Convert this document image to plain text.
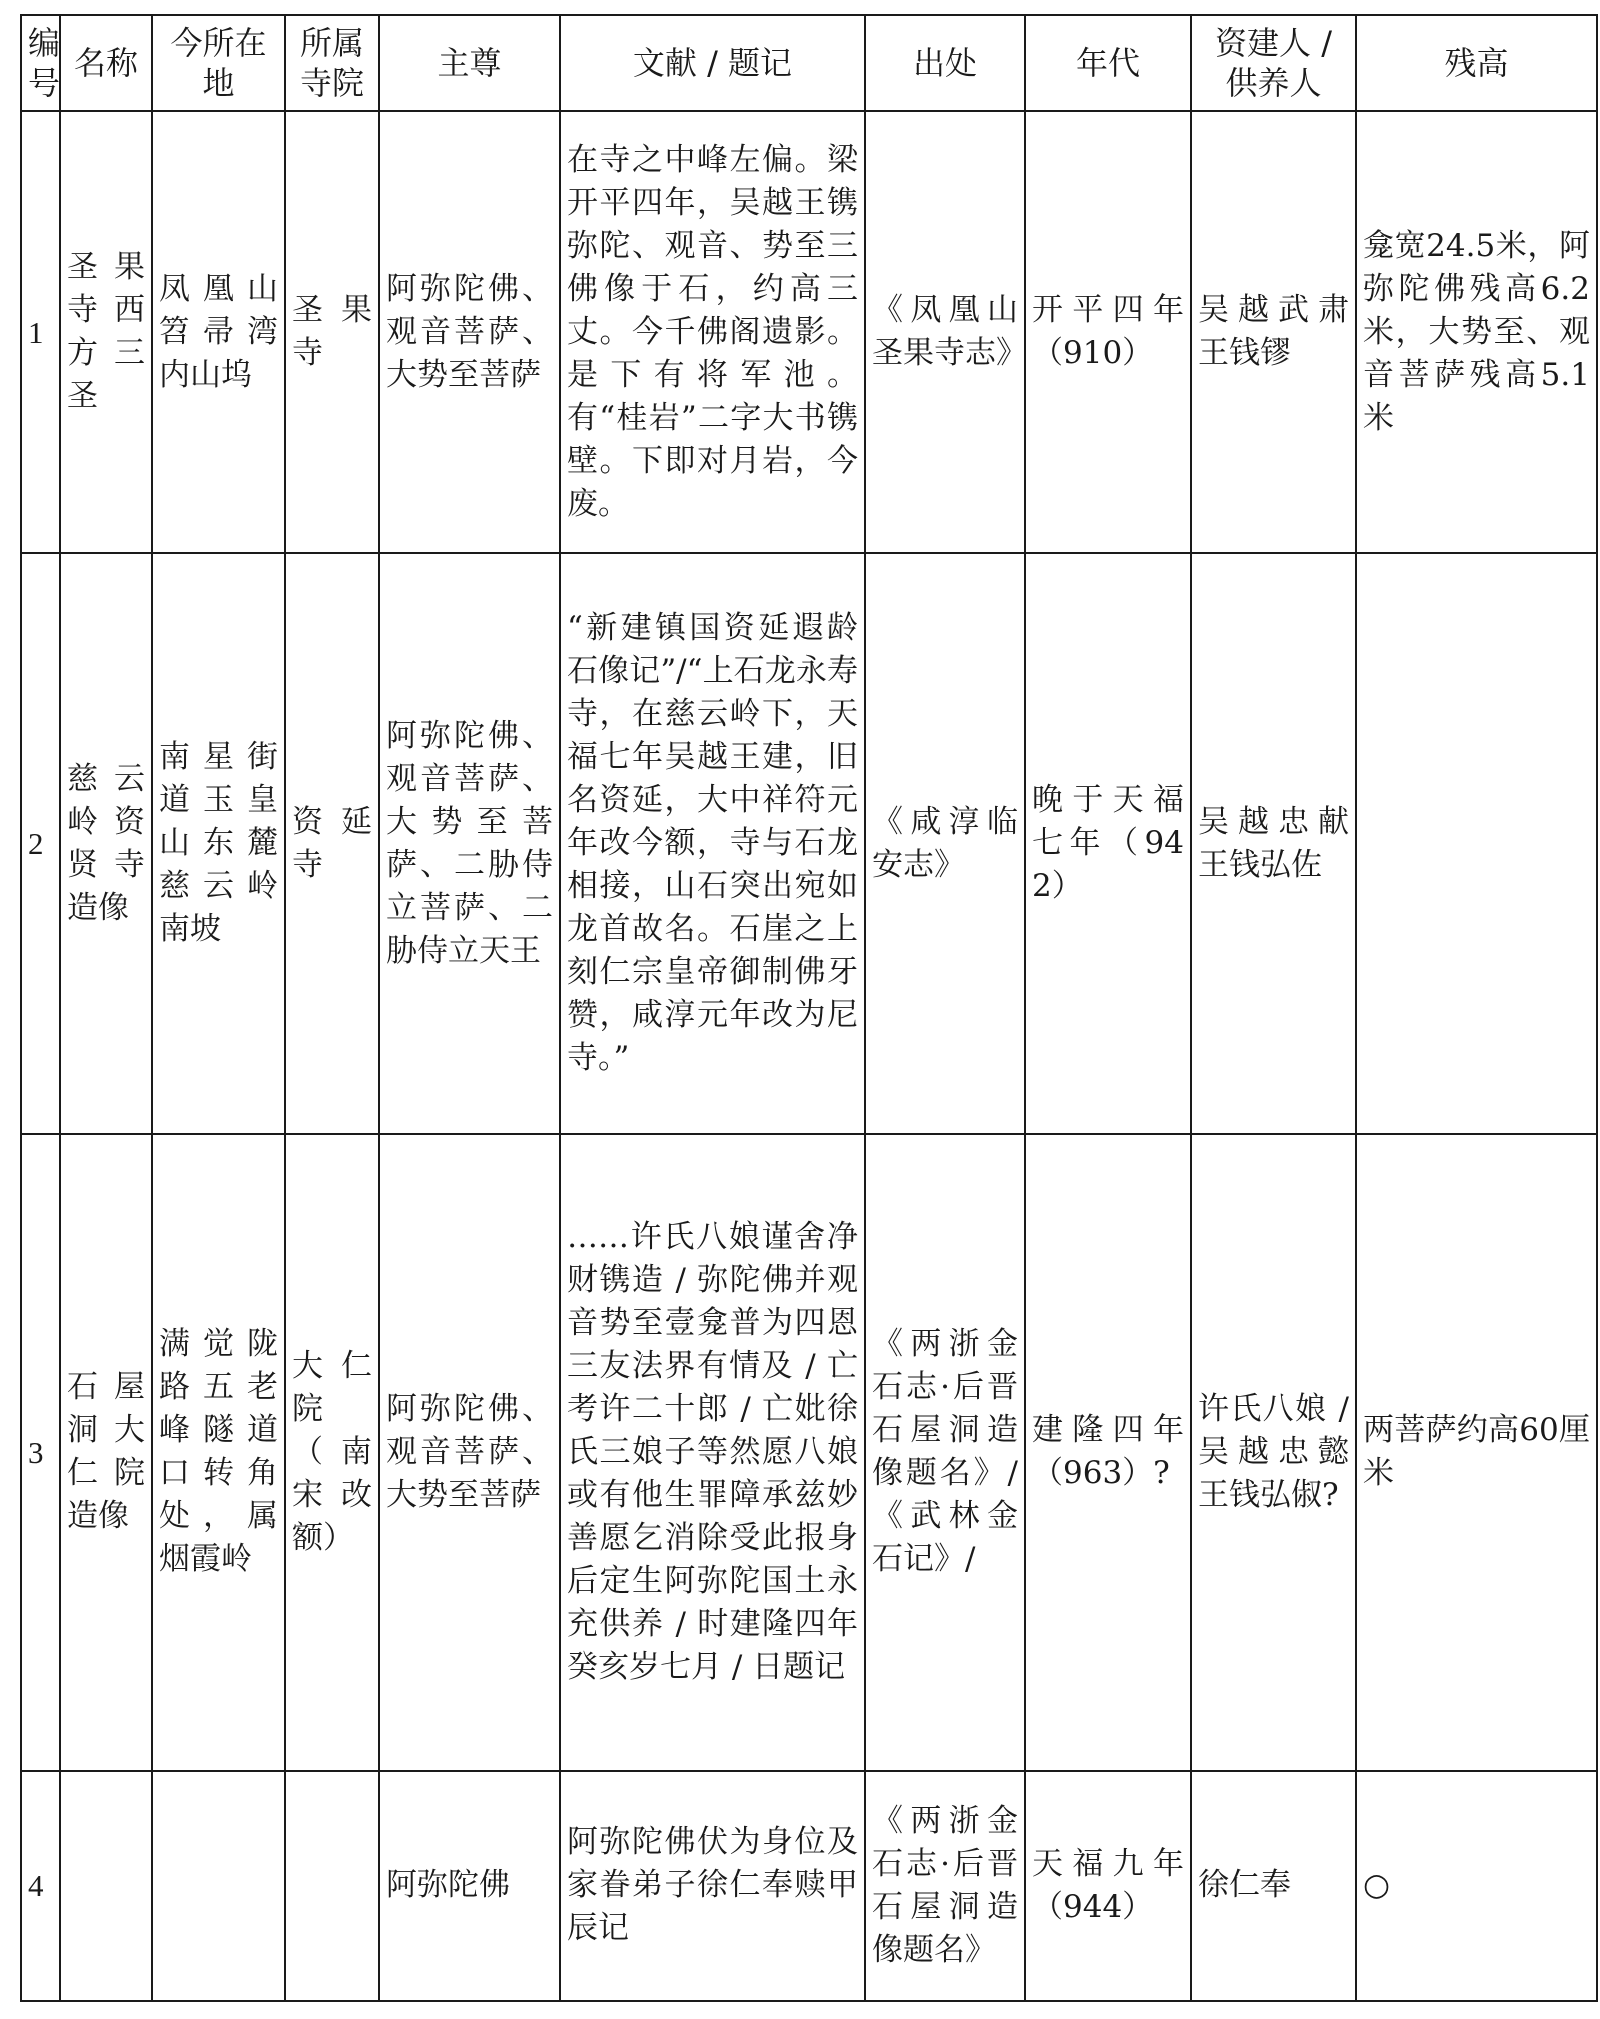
编号	名称	今所在地	所属寺院	主尊	文献 / 题记	出处	年代	资建人 / 供养人	残高
1	圣果寺西方三圣	凤凰山笤帚湾内山坞	圣果寺	阿弥陀佛、观音菩萨、大势至菩萨	在寺之中峰左偏。梁开平四年，吴越王镌弥陀、观音、势至三佛像于石，约高三丈。今千佛阁遗影。是下有将军池。有“桂岩”二字大书镌壁。下即对月岩，今废。	《凤凰山圣果寺志》	开平四年（910）	吴越武肃王钱镠	龛宽24.5米，阿弥陀佛残高6.2米，大势至、观音菩萨残高5.1米
2	慈云岭资贤寺造像	南星街道玉皇山东麓慈云岭南坡	资延寺	阿弥陀佛、观音菩萨、大势至菩萨、二胁侍立菩萨、二胁侍立天王	“新建镇国资延遐龄石像记”/“上石龙永寿寺，在慈云岭下，天福七年吴越王建，旧名资延，大中祥符元年改今额，寺与石龙相接，山石突出宛如龙首故名。石崖之上刻仁宗皇帝御制佛牙赞，咸淳元年改为尼寺。”	《咸淳临安志》	晚于天福七年（942）	吴越忠献王钱弘佐	
3	石屋洞大仁院造像	满觉陇路五老峰隧道口转角处，属烟霞岭	大仁院（南宋改额）	阿弥陀佛、观音菩萨、大势至菩萨	……许氏八娘谨舍净财镌造 / 弥陀佛并观音势至壹龛普为四恩三友法界有情及 / 亡考许二十郎 / 亡妣徐氏三娘子等然愿八娘或有他生罪障承兹妙善愿乞消除受此报身后定生阿弥陀国土永充供养 / 时建隆四年癸亥岁七月 / 日题记	《两浙金石志·后晋石屋洞造像题名》/《武林金石记》/	建隆四年（963）?	许氏八娘 / 吴越忠懿王钱弘俶?	两菩萨约高60厘米
4				阿弥陀佛	阿弥陀佛伏为身位及家眷弟子徐仁奉赎甲辰记	《两浙金石志·后晋石屋洞造像题名》	天福九年（944）	徐仁奉	○
